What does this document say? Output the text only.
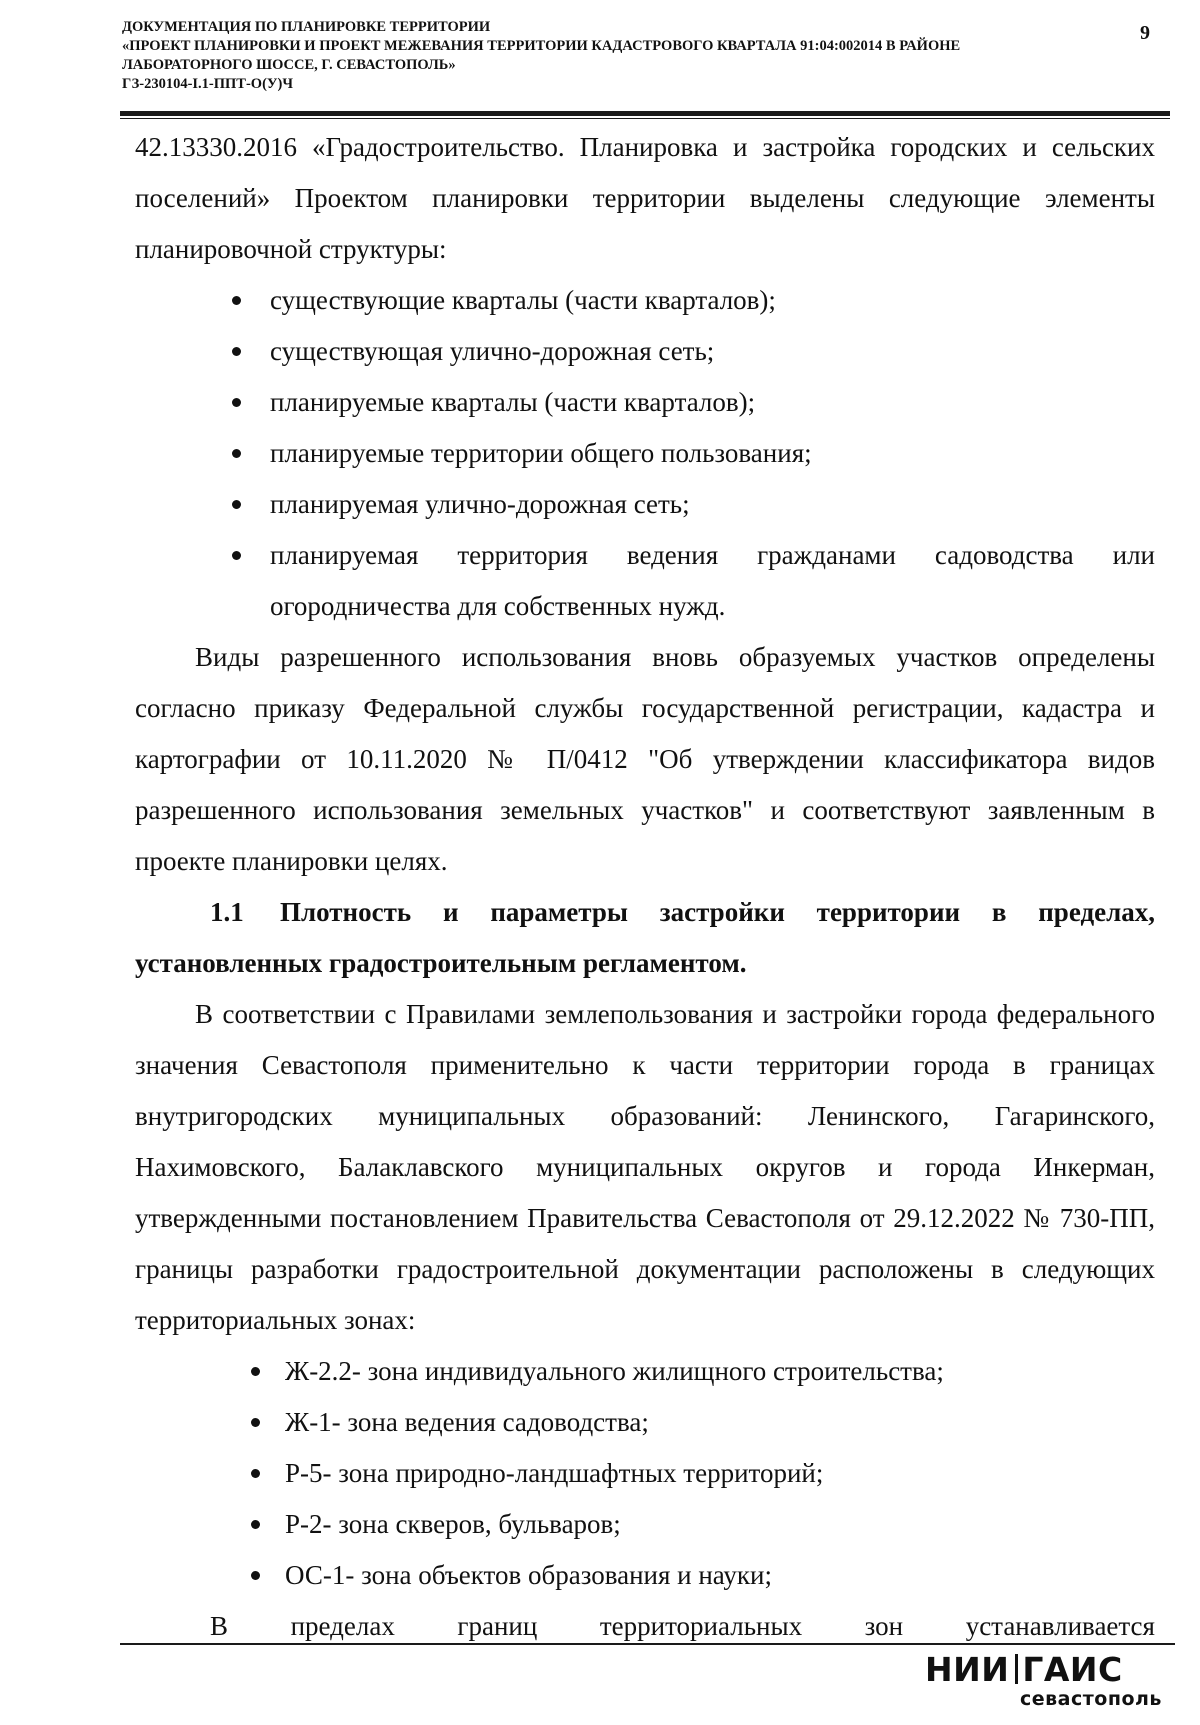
ДОКУМЕНТАЦИЯ ПО ПЛАНИРОВКЕ ТЕРРИТОРИИ
«ПРОЕКТ ПЛАНИРОВКИ И ПРОЕКТ МЕЖЕВАНИЯ ТЕРРИТОРИИ КАДАСТРОВОГО КВАРТАЛА 91:04:002014 В РАЙОНЕ
ЛАБОРАТОРНОГО ШОССЕ, Г. СЕВАСТОПОЛЬ»
ГЗ-230104-I.1-ППТ-О(У)Ч
9

42.13330.2016 «Градостроительство. Планировка и застройка городских и сельских поселений» Проектом планировки территории выделены следующие элементы планировочной структуры:

существующие кварталы (части кварталов);
существующая улично-дорожная сеть;
планируемые кварталы (части кварталов);
планируемые территории общего пользования;
планируемая улично-дорожная сеть;
планируемая территория ведения гражданами садоводства или огородничества для собственных нужд.

Виды разрешенного использования вновь образуемых участков определены согласно приказу Федеральной службы государственной регистрации, кадастра и картографии от 10.11.2020 № П/0412 "Об утверждении классификатора видов разрешенного использования земельных участков" и соответствуют заявленным в проекте планировки целях.

1.1 Плотность и параметры застройки территории в пределах, установленных градостроительным регламентом.

В соответствии с Правилами землепользования и застройки города федерального значения Севастополя применительно к части территории города в границах внутригородских муниципальных образований: Ленинского, Гагаринского, Нахимовского, Балаклавского муниципальных округов и города Инкерман, утвержденными постановлением Правительства Севастополя от 29.12.2022 № 730-ПП, границы разработки градостроительной документации расположены в следующих территориальных зонах:

Ж-2.2- зона индивидуального жилищного строительства;
Ж-1- зона ведения садоводства;
Р-5- зона природно-ландшафтных территорий;
Р-2- зона скверов, бульваров;
ОС-1- зона объектов образования и науки;
В пределах границ территориальных зон устанавливается
НИИ ГАИС
севастополь
